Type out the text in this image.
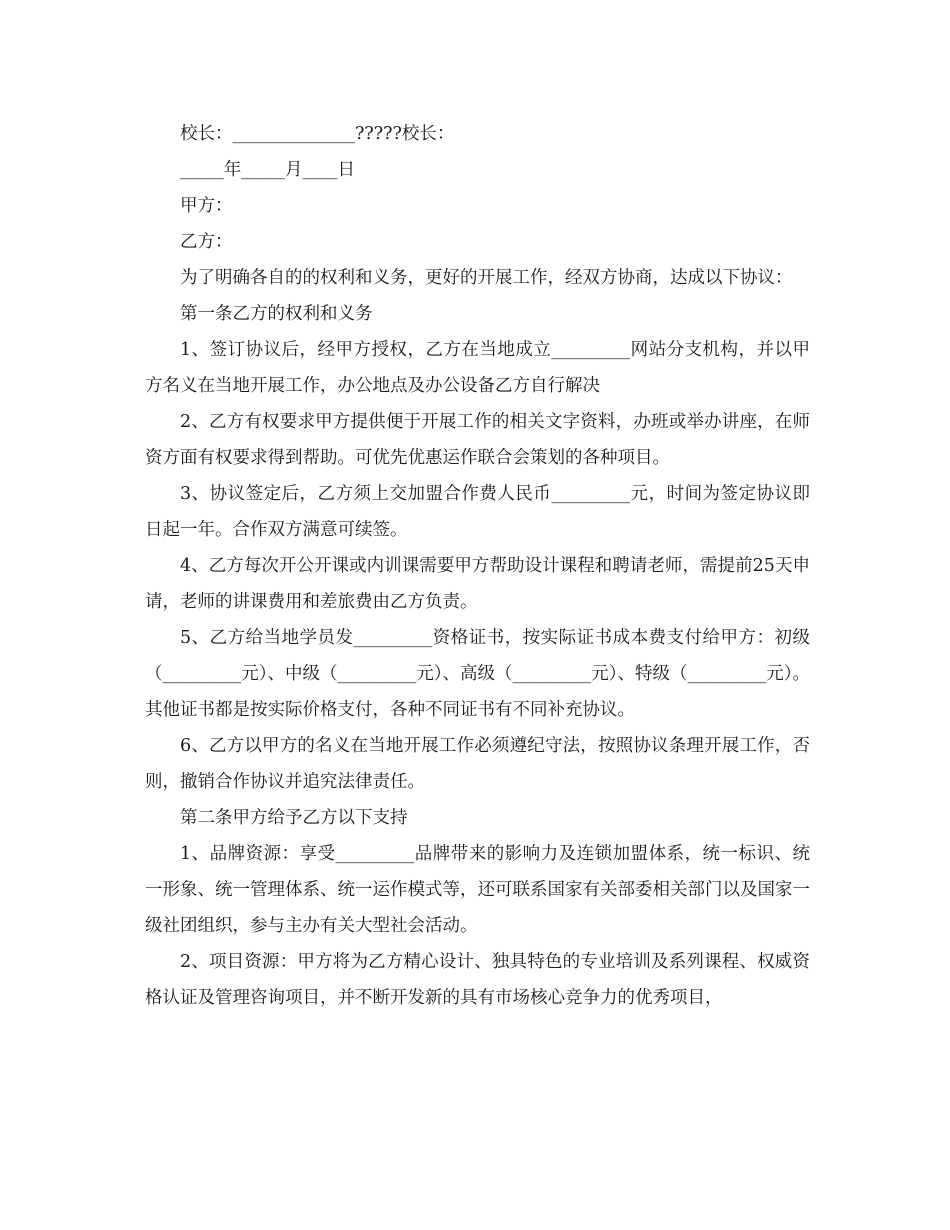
校长：______________?????校长：

_____年_____月____日

甲方：

乙方：

为了明确各自的的权利和义务，更好的开展工作，经双方协商，达成以下协议：

第一条乙方的权利和义务

1、签订协议后，经甲方授权，乙方在当地成立_________网站分支机构，并以甲方名义在当地开展工作，办公地点及办公设备乙方自行解决

2、乙方有权要求甲方提供便于开展工作的相关文字资料，办班或举办讲座，在师资方面有权要求得到帮助。可优先优惠运作联合会策划的各种项目。

3、协议签定后，乙方须上交加盟合作费人民币_________元，时间为签定协议即日起一年。合作双方满意可续签。

4、乙方每次开公开课或内训课需要甲方帮助设计课程和聘请老师，需提前25天申请，老师的讲课费用和差旅费由乙方负责。

5、乙方给当地学员发_________资格证书，按实际证书成本费支付给甲方：初级（_________元）、中级（_________元）、高级（_________元）、特级（_________元）。其他证书都是按实际价格支付，各种不同证书有不同补充协议。

6、乙方以甲方的名义在当地开展工作必须遵纪守法，按照协议条理开展工作，否则，撤销合作协议并追究法律责任。

第二条甲方给予乙方以下支持

1、品牌资源：享受_________品牌带来的影响力及连锁加盟体系，统一标识、统一形象、统一管理体系、统一运作模式等，还可联系国家有关部委相关部门以及国家一级社团组织，参与主办有关大型社会活动。

2、项目资源：甲方将为乙方精心设计、独具特色的专业培训及系列课程、权威资格认证及管理咨询项目，并不断开发新的具有市场核心竞争力的优秀项目，
